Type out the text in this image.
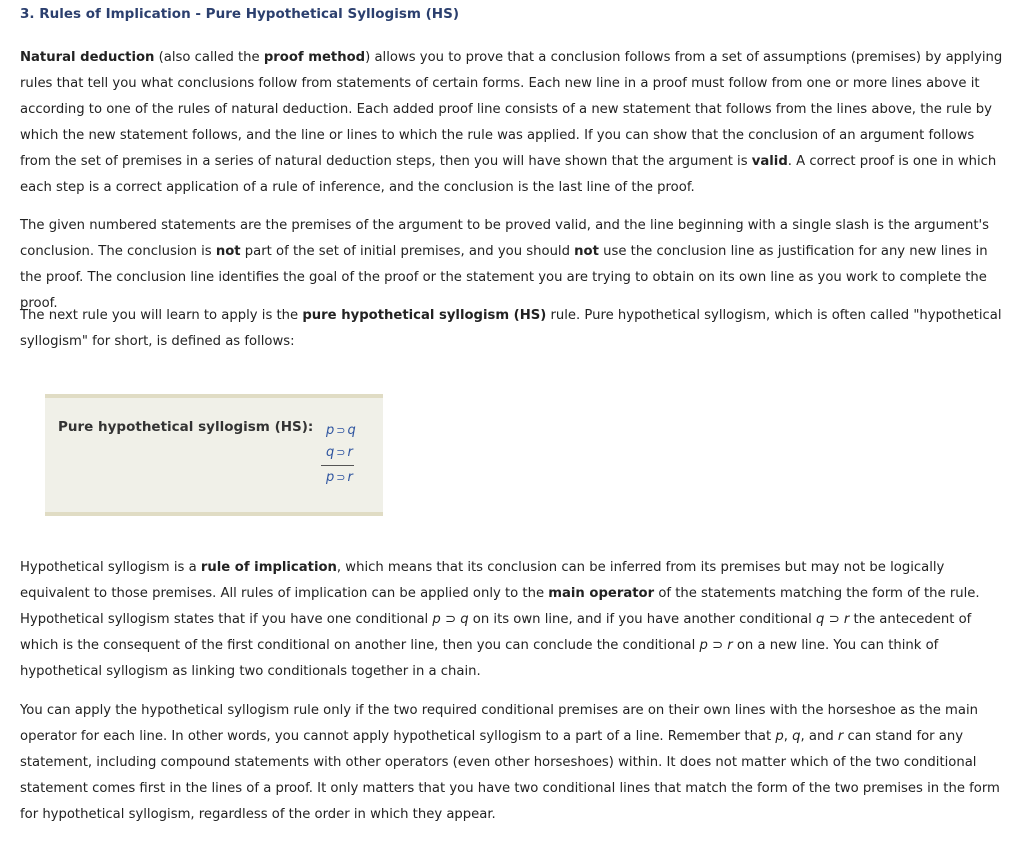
3. Rules of Implication - Pure Hypothetical Syllogism (HS)

Natural deduction (also called the proof method) allows you to prove that a conclusion follows from a set of assumptions (premises) by applying rules that tell you what conclusions follow from statements of certain forms. Each new line in a proof must follow from one or more lines above it according to one of the rules of natural deduction. Each added proof line consists of a new statement that follows from the lines above, the rule by which the new statement follows, and the line or lines to which the rule was applied. If you can show that the conclusion of an argument follows from the set of premises in a series of natural deduction steps, then you will have shown that the argument is valid. A correct proof is one in which each step is a correct application of a rule of inference, and the conclusion is the last line of the proof.

The given numbered statements are the premises of the argument to be proved valid, and the line beginning with a single slash is the argument's conclusion. The conclusion is not part of the set of initial premises, and you should not use the conclusion line as justification for any new lines in the proof. The conclusion line identifies the goal of the proof or the statement you are trying to obtain on its own line as you work to complete the proof.

The next rule you will learn to apply is the pure hypothetical syllogism (HS) rule. Pure hypothetical syllogism, which is often called "hypothetical syllogism" for short, is defined as follows:

Pure hypothetical syllogism (HS): p ⊃ q
q ⊃ r
p ⊃ r

Hypothetical syllogism is a rule of implication, which means that its conclusion can be inferred from its premises but may not be logically equivalent to those premises. All rules of implication can be applied only to the main operator of the statements matching the form of the rule. Hypothetical syllogism states that if you have one conditional p ⊃ q on its own line, and if you have another conditional q ⊃ r the antecedent of which is the consequent of the first conditional on another line, then you can conclude the conditional p ⊃ r on a new line. You can think of hypothetical syllogism as linking two conditionals together in a chain.

You can apply the hypothetical syllogism rule only if the two required conditional premises are on their own lines with the horseshoe as the main operator for each line. In other words, you cannot apply hypothetical syllogism to a part of a line. Remember that p, q, and r can stand for any statement, including compound statements with other operators (even other horseshoes) within. It does not matter which of the two conditional statement comes first in the lines of a proof. It only matters that you have two conditional lines that match the form of the two premises in the form for hypothetical syllogism, regardless of the order in which they appear.
